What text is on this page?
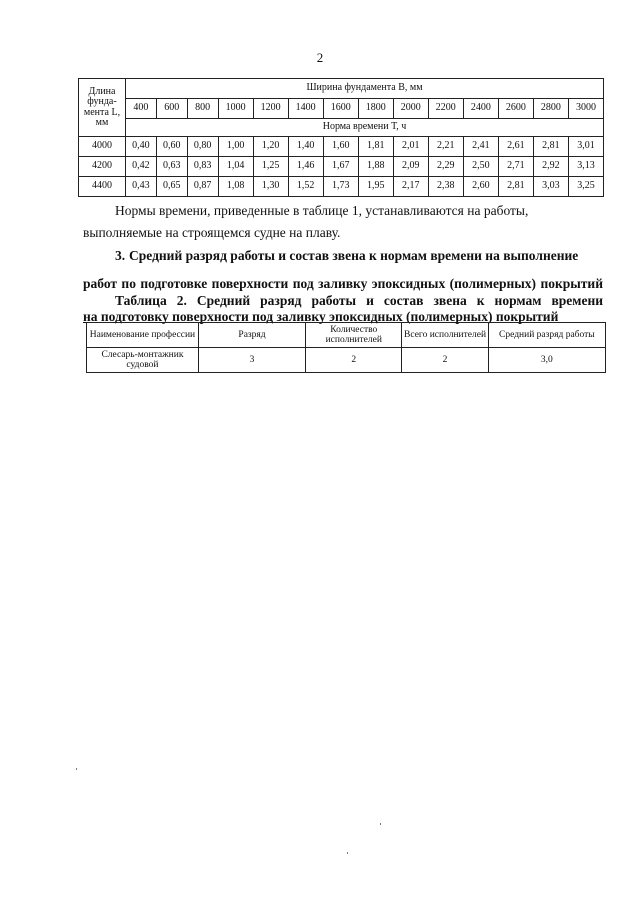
2
Длина фунда-мента L, мм	Ширина фундамента В, мм													
	400	600	800	1000	1200	1400	1600	1800	2000	2200	2400	2600	2800	3000
	Норма времени Т, ч													
4000	0,40	0,60	0,80	1,00	1,20	1,40	1,60	1,81	2,01	2,21	2,41	2,61	2,81	3,01
4200	0,42	0,63	0,83	1,04	1,25	1,46	1,67	1,88	2,09	2,29	2,50	2,71	2,92	3,13
4400	0,43	0,65	0,87	1,08	1,30	1,52	1,73	1,95	2,17	2,38	2,60	2,81	3,03	3,25
Нормы времени, приведенные в таблице 1, устанавливаются на работы, выполняемые на строящемся судне на плаву.
3. Средний разряд работы и состав звена к нормам времени на выполнение
работ по подготовке поверхности под заливку эпоксидных (полимерных) покрытий
Таблица 2. Средний разряд работы и состав звена к нормам времени
на подготовку поверхности под заливку эпоксидных (полимерных) покрытий
Наименование профессии	Разряд	Количество исполнителей	Всего исполнителей	Средний разряд работы
Слесарь-монтажник судовой	3	2	2	3,0
